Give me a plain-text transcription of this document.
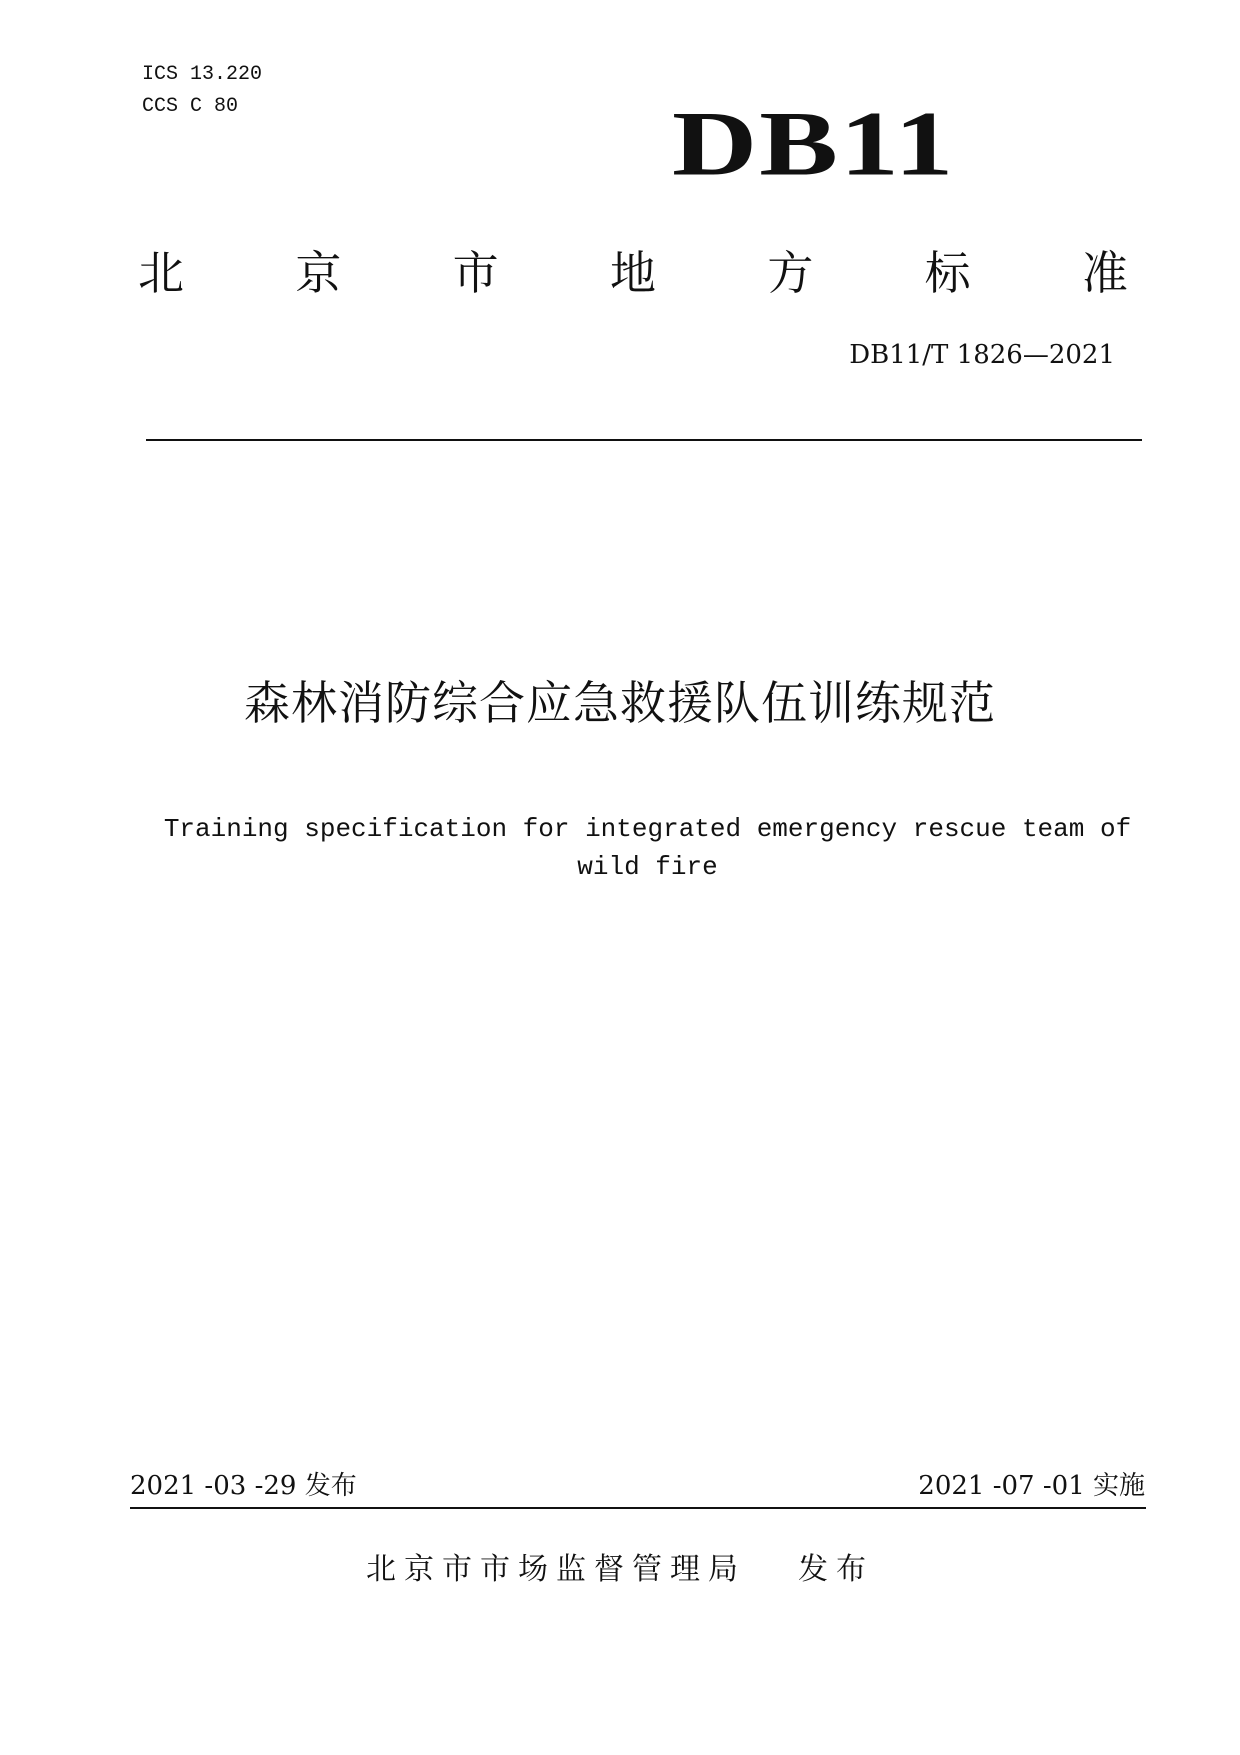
ICS 13.220
CCS C 80	DB11
北 京 市 地 方 标 准
DB11/T 1826—2021
森林消防综合应急救援队伍训练规范
Training specification for integrated emergency rescue team of wild fire
2021 -03 -29 发布	2021 -07 -01 实施
北京市市场监督管理局 发布
